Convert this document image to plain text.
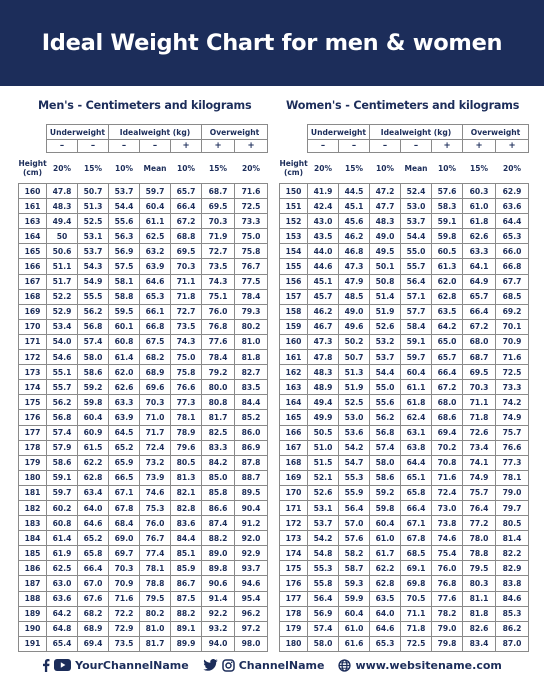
Ideal Weight Chart for men & women
Men's - Centimeters and kilograms	Women's - Centimeters and kilograms
	Underweight		Idealweight (kg)			Overweight	
	–	–	–	–	+	+	+
Height (cm)	20%	15%	10%	Mean	10%	15%	20%
160	47.8	50.7	53.7	59.7	65.7	68.7	71.6
161	48.3	51.3	54.4	60.4	66.4	69.5	72.5
163	49.4	52.5	55.6	61.1	67.2	70.3	73.3
164	50	53.1	56.3	62.5	68.8	71.9	75.0
165	50.6	53.7	56.9	63.2	69.5	72.7	75.8
166	51.1	54.3	57.5	63.9	70.3	73.5	76.7
167	51.7	54.9	58.1	64.6	71.1	74.3	77.5
168	52.2	55.5	58.8	65.3	71.8	75.1	78.4
169	52.9	56.2	59.5	66.1	72.7	76.0	79.3
170	53.4	56.8	60.1	66.8	73.5	76.8	80.2
171	54.0	57.4	60.8	67.5	74.3	77.6	81.0
172	54.6	58.0	61.4	68.2	75.0	78.4	81.8
173	55.1	58.6	62.0	68.9	75.8	79.2	82.7
174	55.7	59.2	62.6	69.6	76.6	80.0	83.5
175	56.2	59.8	63.3	70.3	77.3	80.8	84.4
176	56.8	60.4	63.9	71.0	78.1	81.7	85.2
177	57.4	60.9	64.5	71.7	78.9	82.5	86.0
178	57.9	61.5	65.2	72.4	79.6	83.3	86.9
179	58.6	62.2	65.9	73.2	80.5	84.2	87.8
180	59.1	62.8	66.5	73.9	81.3	85.0	88.7
181	59.7	63.4	67.1	74.6	82.1	85.8	89.5
182	60.2	64.0	67.8	75.3	82.8	86.6	90.4
183	60.8	64.6	68.4	76.0	83.6	87.4	91.2
184	61.4	65.2	69.0	76.7	84.4	88.2	92.0
185	61.9	65.8	69.7	77.4	85.1	89.0	92.9
186	62.5	66.4	70.3	78.1	85.9	89.8	93.7
187	63.0	67.0	70.9	78.8	86.7	90.6	94.6
188	63.6	67.6	71.6	79.5	87.5	91.4	95.4
189	64.2	68.2	72.2	80.2	88.2	92.2	96.2
190	64.8	68.9	72.9	81.0	89.1	93.2	97.2
191	65.4	69.4	73.5	81.7	89.9	94.0	98.0
	Underweight		Idealweight (kg)			Overweight	
	–	–	–	–	+	+	+
Height (cm)	20%	15%	10%	Mean	10%	15%	20%
150	41.9	44.5	47.2	52.4	57.6	60.3	62.9
151	42.4	45.1	47.7	53.0	58.3	61.0	63.6
152	43.0	45.6	48.3	53.7	59.1	61.8	64.4
153	43.5	46.2	49.0	54.4	59.8	62.6	65.3
154	44.0	46.8	49.5	55.0	60.5	63.3	66.0
155	44.6	47.3	50.1	55.7	61.3	64.1	66.8
156	45.1	47.9	50.8	56.4	62.0	64.9	67.7
157	45.7	48.5	51.4	57.1	62.8	65.7	68.5
158	46.2	49.0	51.9	57.7	63.5	66.4	69.2
159	46.7	49.6	52.6	58.4	64.2	67.2	70.1
160	47.3	50.2	53.2	59.1	65.0	68.0	70.9
161	47.8	50.7	53.7	59.7	65.7	68.7	71.6
162	48.3	51.3	54.4	60.4	66.4	69.5	72.5
163	48.9	51.9	55.0	61.1	67.2	70.3	73.3
164	49.4	52.5	55.6	61.8	68.0	71.1	74.2
165	49.9	53.0	56.2	62.4	68.6	71.8	74.9
166	50.5	53.6	56.8	63.1	69.4	72.6	75.7
167	51.0	54.2	57.4	63.8	70.2	73.4	76.6
168	51.5	54.7	58.0	64.4	70.8	74.1	77.3
169	52.1	55.3	58.6	65.1	71.6	74.9	78.1
170	52.6	55.9	59.2	65.8	72.4	75.7	79.0
171	53.1	56.4	59.8	66.4	73.0	76.4	79.7
172	53.7	57.0	60.4	67.1	73.8	77.2	80.5
173	54.2	57.6	61.0	67.8	74.6	78.0	81.4
174	54.8	58.2	61.7	68.5	75.4	78.8	82.2
175	55.3	58.7	62.2	69.1	76.0	79.5	82.9
176	55.8	59.3	62.8	69.8	76.8	80.3	83.8
177	56.4	59.9	63.5	70.5	77.6	81.1	84.6
178	56.9	60.4	64.0	71.1	78.2	81.8	85.3
179	57.4	61.0	64.6	71.8	79.0	82.6	86.2
180	58.0	61.6	65.3	72.5	79.8	83.4	87.0
YourChannelName	ChannelName	www.websitename.com
